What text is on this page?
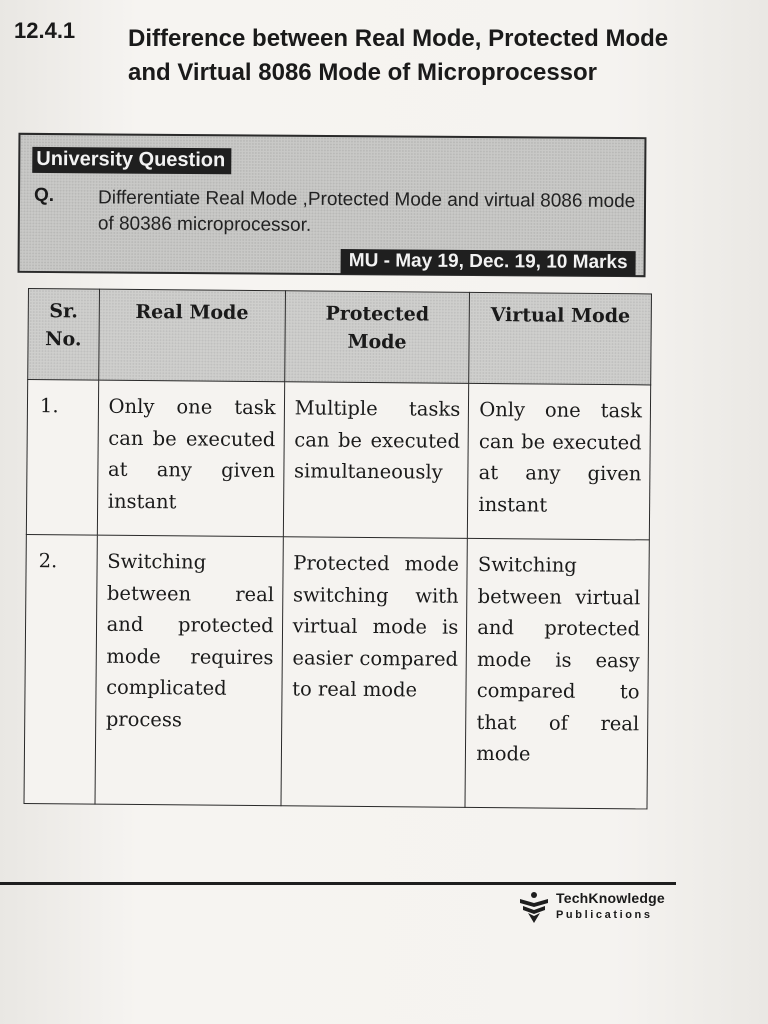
12.4.1 Difference between Real Mode, Protected Mode and Virtual 8086 Mode of Microprocessor
University Question
Q. Differentiate Real Mode ,Protected Mode and virtual 8086 mode of 80386 microprocessor.
MU - May 19, Dec. 19, 10 Marks
Sr. No.	Real Mode	Protected Mode	Virtual Mode
1.	Only one task can be executed at any given instant	Multiple tasks can be executed simultaneously	Only one task can be executed at any given instant
2.	Switching between real and protected mode requires complicated process	Protected mode switching with virtual mode is easier compared to real mode	Switching between virtual and protected mode is easy compared to that of real mode
TechKnowledge
Publications
